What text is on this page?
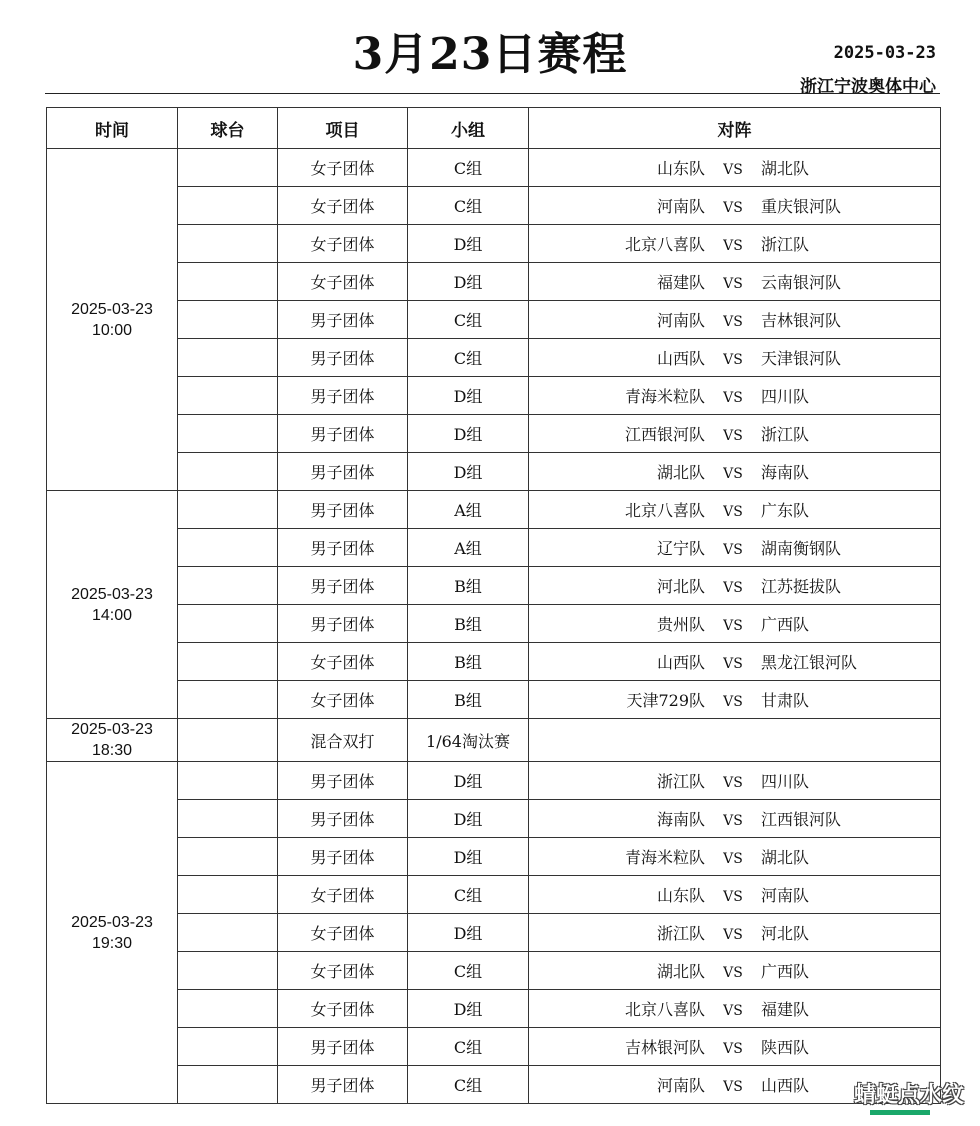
3月23日赛程	2025-03-23
浙江宁波奥体中心
时间	球台	项目	小组	对阵

2025-03-23
10:00		女子团体	C组	山东队 VS 湖北队
		女子团体	C组	河南队 VS 重庆银河队
		女子团体	D组	北京八喜队 VS 浙江队
		女子团体	D组	福建队 VS 云南银河队
		男子团体	C组	河南队 VS 吉林银河队
		男子团体	C组	山西队 VS 天津银河队
		男子团体	D组	青海米粒队 VS 四川队
		男子团体	D组	江西银河队 VS 浙江队
		男子团体	D组	湖北队 VS 海南队

2025-03-23
14:00		男子团体	A组	北京八喜队 VS 广东队
		男子团体	A组	辽宁队 VS 湖南衡钢队
		男子团体	B组	河北队 VS 江苏挺拔队
		男子团体	B组	贵州队 VS 广西队
		女子团体	B组	山西队 VS 黑龙江银河队
		女子团体	B组	天津729队 VS 甘肃队

2025-03-23
18:30		混合双打	1/64淘汰赛	

2025-03-23
19:30		男子团体	D组	浙江队 VS 四川队
		男子团体	D组	海南队 VS 江西银河队
		男子团体	D组	青海米粒队 VS 湖北队
		女子团体	C组	山东队 VS 河南队
		女子团体	D组	浙江队 VS 河北队
		女子团体	C组	湖北队 VS 广西队
		女子团体	D组	北京八喜队 VS 福建队
		男子团体	C组	吉林银河队 VS 陕西队
		男子团体	C组	河南队 VS 山西队 蜻蜓点水纹
